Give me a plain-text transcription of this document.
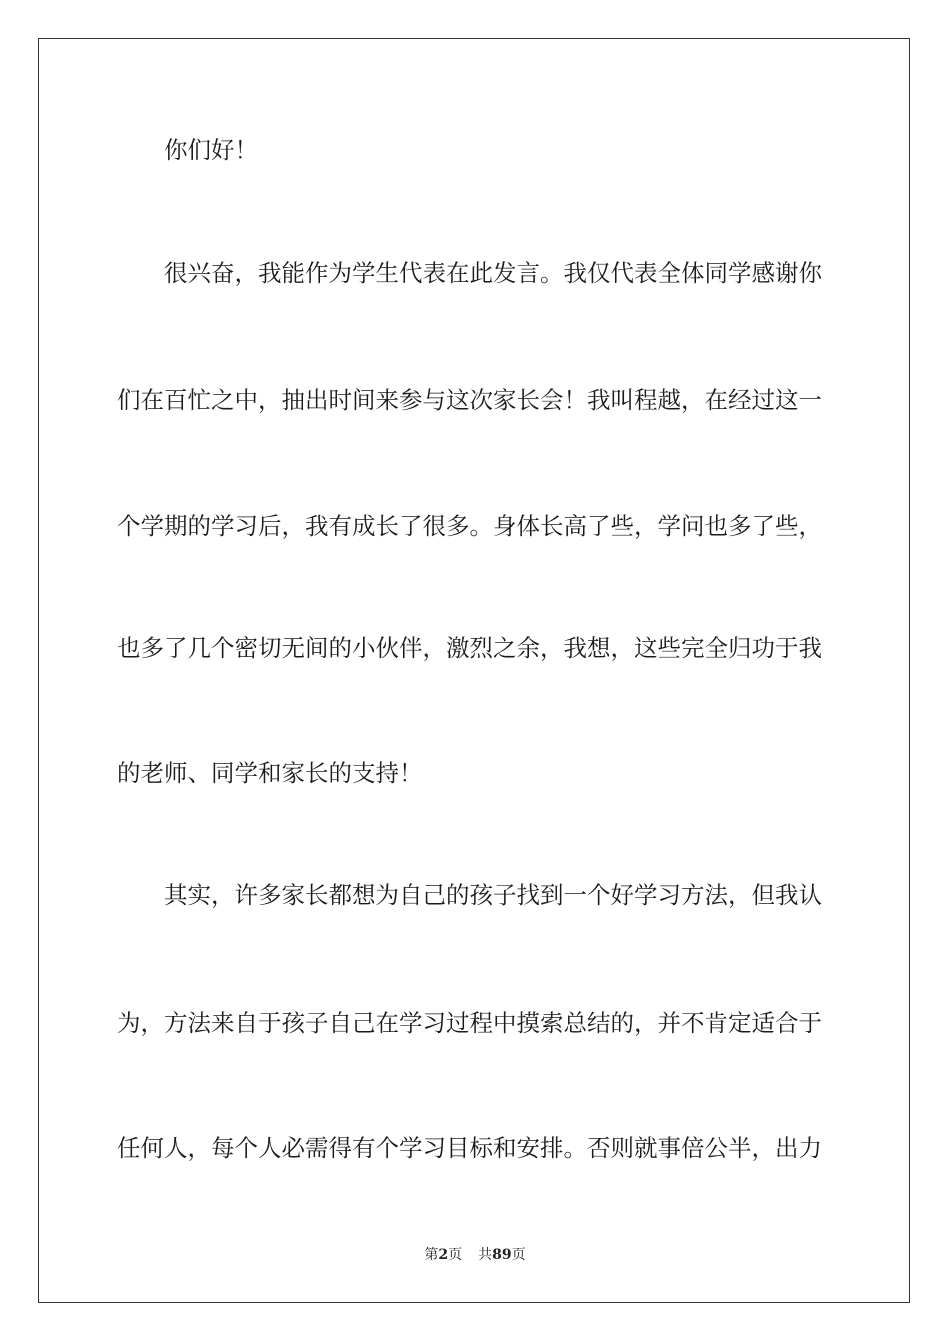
你们好！
很兴奋，我能作为学生代表在此发言。我仅代表全体同学感谢你
们在百忙之中，抽出时间来参与这次家长会！我叫程越，在经过这一
个学期的学习后，我有成长了很多。身体长高了些，学问也多了些，
也多了几个密切无间的小伙伴，激烈之余，我想，这些完全归功于我
的老师、同学和家长的支持！
其实，许多家长都想为自己的孩子找到一个好学习方法，但我认
为，方法来自于孩子自己在学习过程中摸索总结的，并不肯定适合于
任何人，每个人必需得有个学习目标和安排。否则就事倍公半，出力
第2页 共89页
